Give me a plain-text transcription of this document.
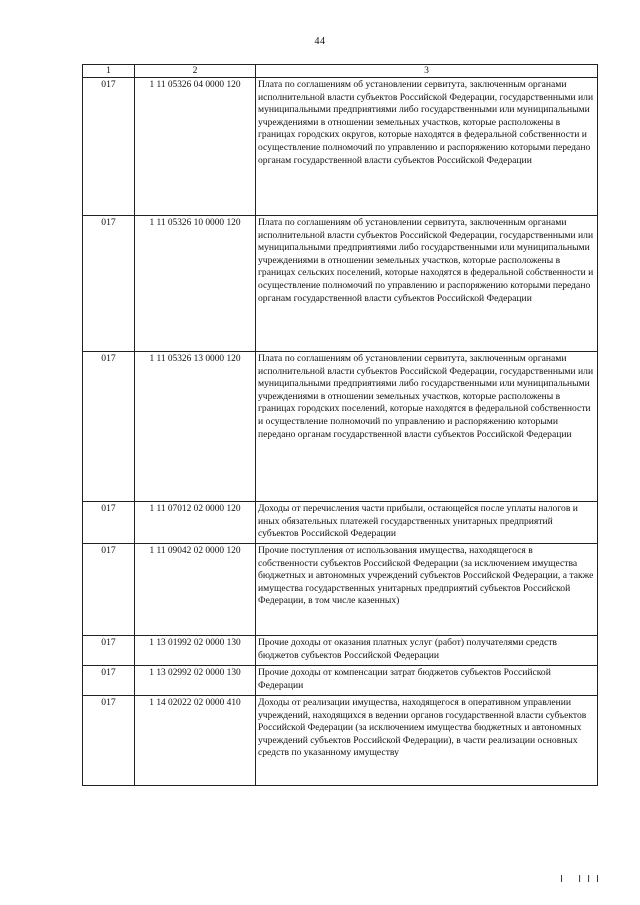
44
1	2	3
017	1 11 05326 04 0000 120	Плата по соглашениям об установлении сервитута, заключенным органами исполнительной власти субъектов Российской Федерации, государственными или муниципальными предприятиями либо государственными или муниципальными учреждениями в отношении земельных участков, которые расположены в границах городских округов, которые находятся в федеральной собственности и осуществление полномочий по управлению и распоряжению которыми передано органам государственной власти субъектов Российской Федерации
017	1 11 05326 10 0000 120	Плата по соглашениям об установлении сервитута, заключенным органами исполнительной власти субъектов Российской Федерации, государственными или муниципальными предприятиями либо государственными или муниципальными учреждениями в отношении земельных участков, которые расположены в границах сельских поселений, которые находятся в федеральной собственности и осуществление полномочий по управлению и распоряжению которыми передано органам государственной власти субъектов Российской Федерации
017	1 11 05326 13 0000 120	Плата по соглашениям об установлении сервитута, заключенным органами исполнительной власти субъектов Российской Федерации, государственными или муниципальными предприятиями либо государственными или муниципальными учреждениями в отношении земельных участков, которые расположены в границах городских поселений, которые находятся в федеральной собственности и осуществление полномочий по управлению и распоряжению которыми передано органам государственной власти субъектов Российской Федерации
017	1 11 07012 02 0000 120	Доходы от перечисления части прибыли, остающейся после уплаты налогов и иных обязательных платежей государственных унитарных предприятий субъектов Российской Федерации
017	1 11 09042 02 0000 120	Прочие поступления от использования имущества, находящегося в собственности субъектов Российской Федерации (за исключением имущества бюджетных и автономных учреждений субъектов Российской Федерации, а также имущества государственных унитарных предприятий субъектов Российской Федерации, в том числе казенных)
017	1 13 01992 02 0000 130	Прочие доходы от оказания платных услуг (работ) получателями средств бюджетов субъектов Российской Федерации
017	1 13 02992 02 0000 130	Прочие доходы от компенсации затрат бюджетов субъектов Российской Федерации
017	1 14 02022 02 0000 410	Доходы от реализации имущества, находящегося в оперативном управлении учреждений, находящихся в ведении органов государственной власти субъектов Российской Федерации (за исключением имущества бюджетных и автономных учреждений субъектов Российской Федерации), в части реализации основных средств по указанному имуществу
I III
